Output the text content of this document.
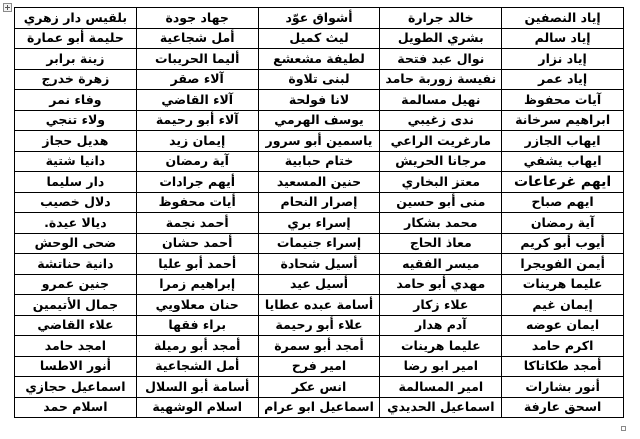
إياد النصفين	خالد جرارة	أشواق عوّد	جهاد جودة	بلقيس دار زهري
إياد سالم	بشري الطويل	ليث كميل	أمل شجاعية	حليمة أبو عمارة
إياد نزار	نوال عبد فتحة	لطيفة مشعشع	أليما الحريبات	زينة برابر
إياد عمر	نفيسة زوربة حامد	لبنى تلاوة	آلاء صقر	زهرة خدرج
آيات محفوظ	نهيل مسالمة	لانا فولحة	آلاء القاضي	وفاء نمر
ابراهيم سرخانة	ندى زغيبي	يوسف الهرمي	آلاء أبو رحيمة	ولاء تنجي
ايهاب الجازر	مارغريت الراعي	ياسمين أبو سرور	إيمان زيد	هديل حجاز
ايهاب يشفي	مرجانا الحريش	ختام حبابية	آية رمضان	دانيا شتية
ايهم غرعاعات	معتز البخاري	حنين المسعيد	أيهم جرادات	دار سليما
ايهم صباح	منى أبو حسين	إصرار النحام	أيات محفوظ	دلال خصيب
آية رمضان	محمد بشكار	إسراء بري	أحمد نجمة	ديالا عيدة.
أيوب أبو كريم	معاذ الحاج	إسراء جنيمات	أحمد حشان	ضحى الوحش
أيمن الفويجرا	ميسر الفقيه	أسيل شحادة	أحمد أبو عليا	دانية حناتشة
عليما هرينات	مهدي أبو حامد	أسيل عيد	إبراهيم زمرا	جنين عمرو
إيمان غيم	علاء زكار	أسامة عبده عطايا	حنان معلاويي	جمال الأتيمين
ايمان عوضه	آدم هدار	علاء أبو رحيمة	براء فقها	علاء القاضي
اكرم حامد	عليما هرينات	أمجد أبو سمرة	أمجد أبو رميلة	امجد حامد
أمجد طكاتاكا	امير ابو رضا	امير فرح	أمل الشجاعية	أنور الاطسا
أنور بشارات	امير المسالمة	انس عكر	أسامة أبو السلال	اسماعيل حجازي
اسحق عارفة	اسماعيل الحديدي	اسماعيل ابو عرام	اسلام الوشهية	اسلام حمد
